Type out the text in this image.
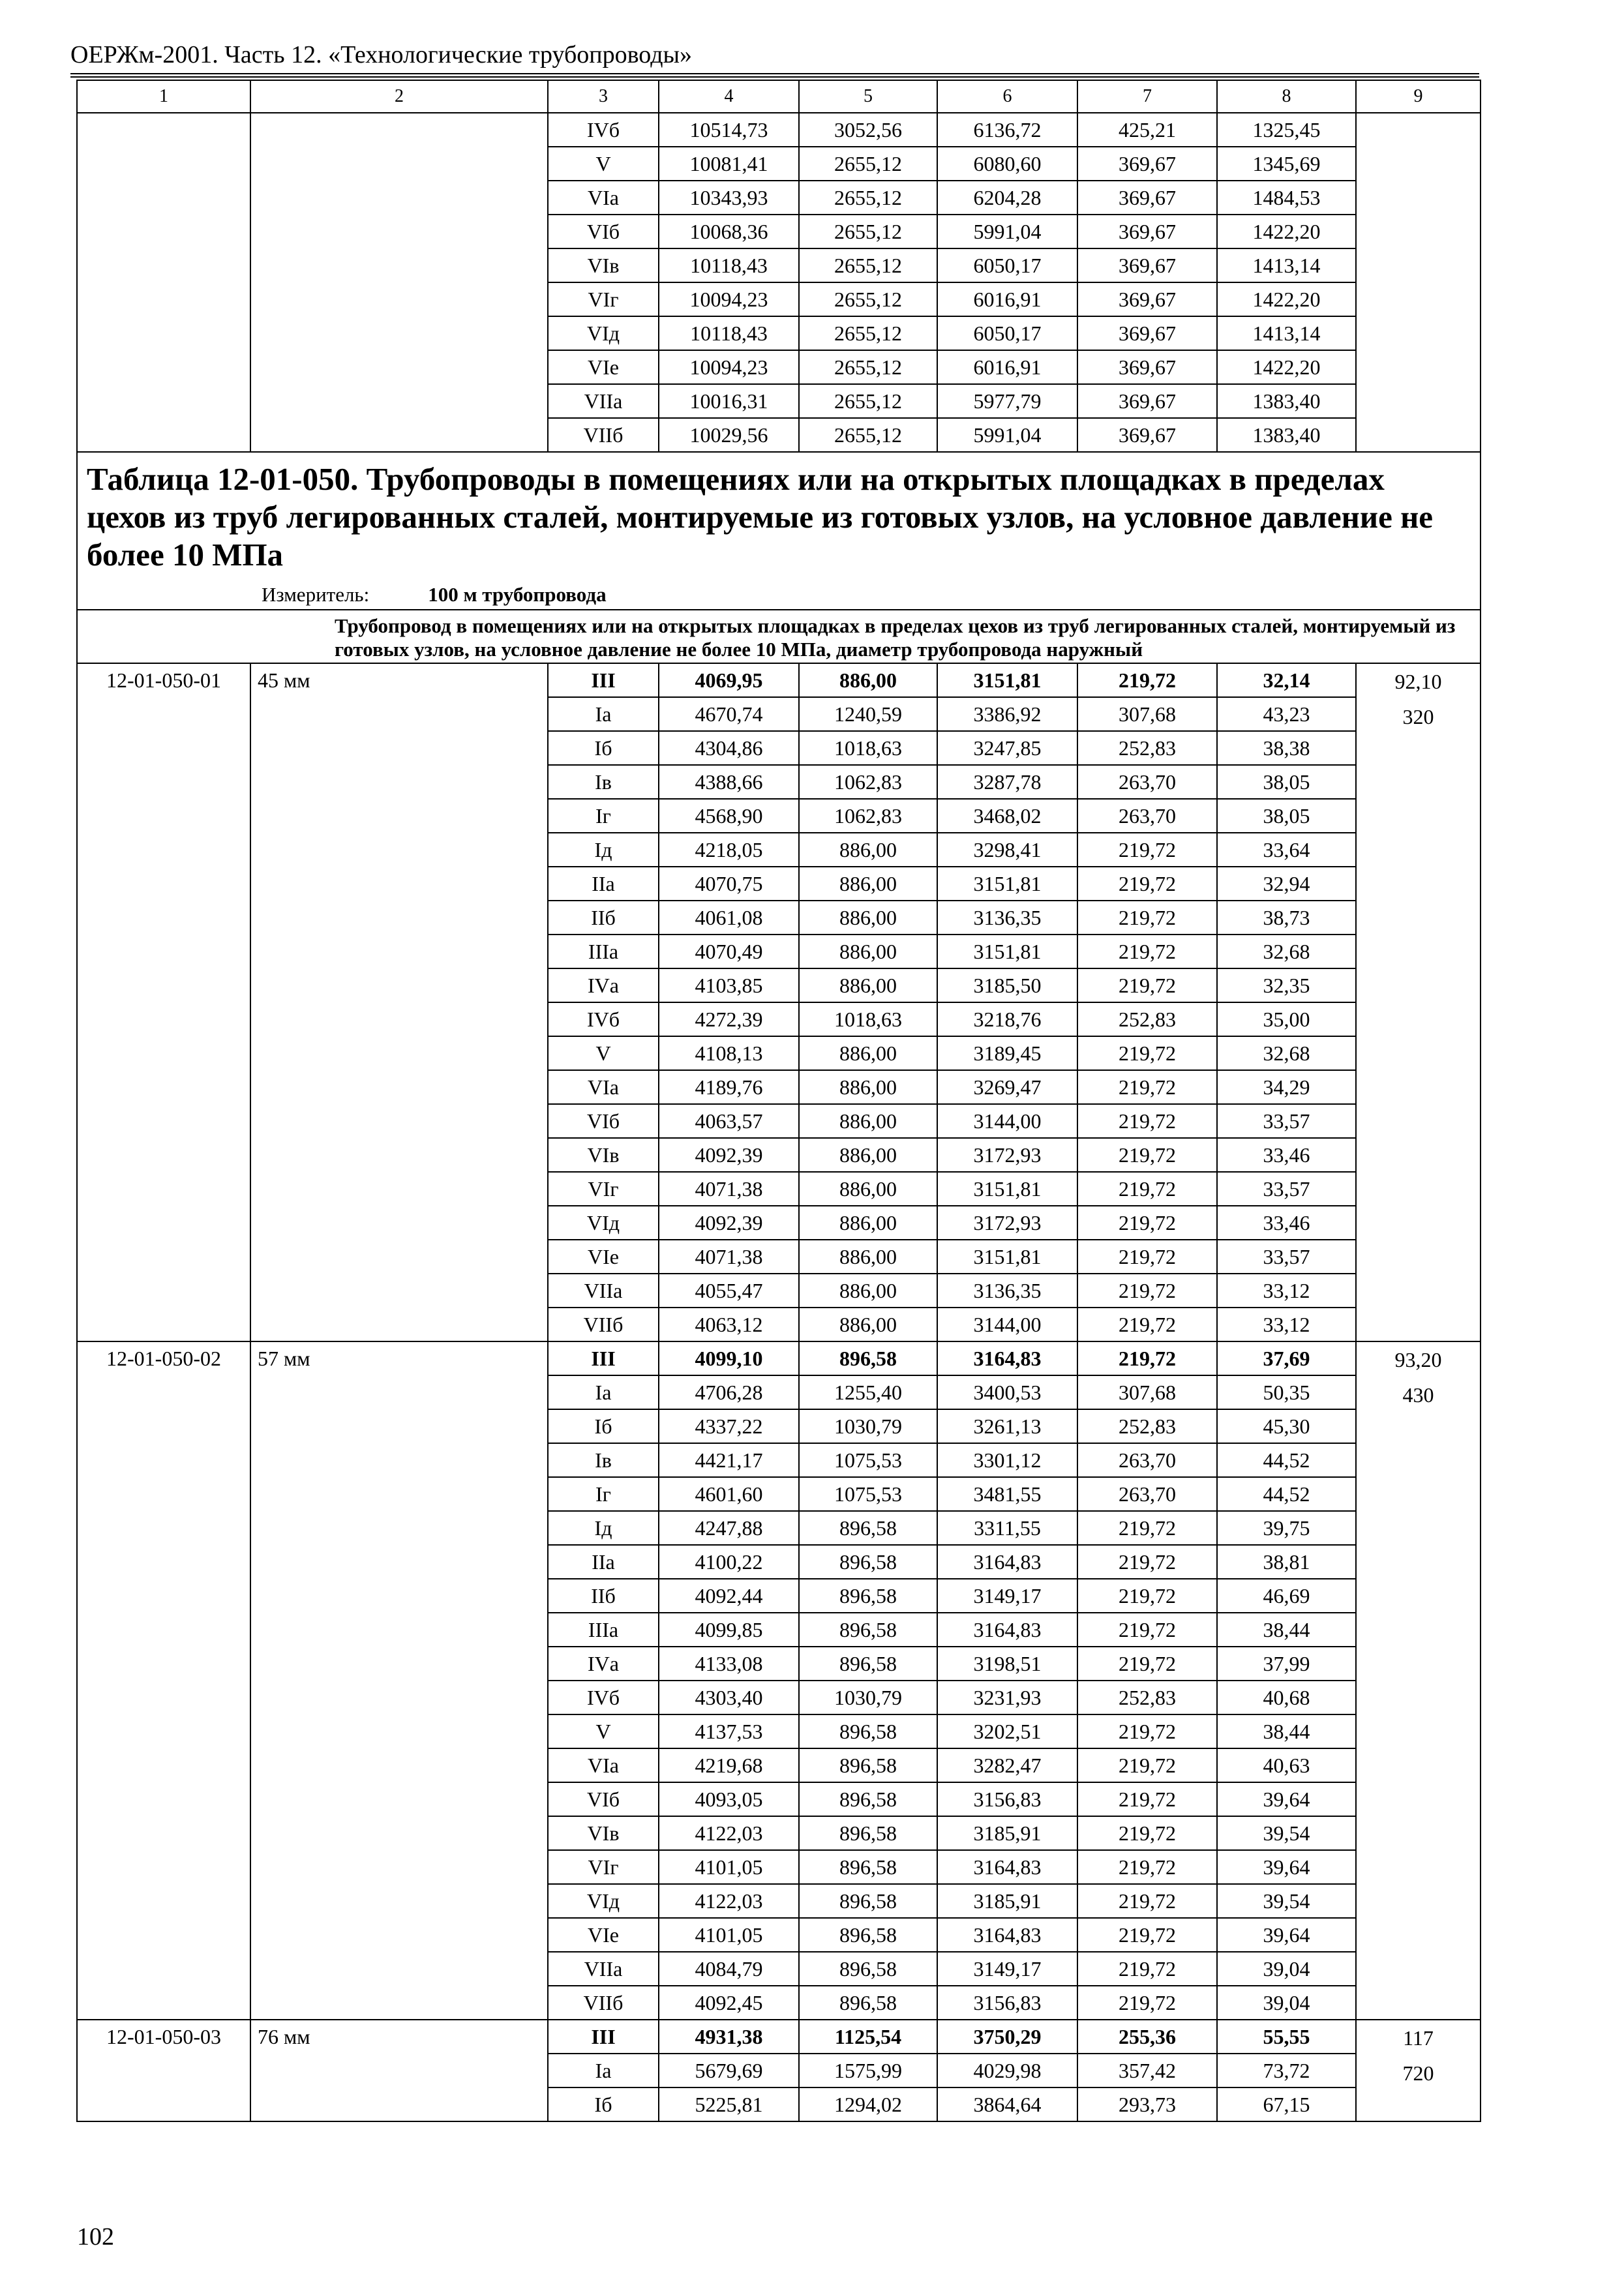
ОЕРЖм-2001. Часть 12. «Технологические трубопроводы»
1	2	3	4	5	6	7	8	9
		IVб	10514,73	3052,56	6136,72	425,21	1325,45	
		V	10081,41	2655,12	6080,60	369,67	1345,69	
		VIа	10343,93	2655,12	6204,28	369,67	1484,53	
		VIб	10068,36	2655,12	5991,04	369,67	1422,20	
		VIв	10118,43	2655,12	6050,17	369,67	1413,14	
		VIг	10094,23	2655,12	6016,91	369,67	1422,20	
		VIд	10118,43	2655,12	6050,17	369,67	1413,14	
		VIе	10094,23	2655,12	6016,91	369,67	1422,20	
		VIIа	10016,31	2655,12	5977,79	369,67	1383,40	
		VIIб	10029,56	2655,12	5991,04	369,67	1383,40	

Таблица 12-01-050. Трубопроводы в помещениях или на открытых площадках в пределах цехов из труб легированных сталей, монтируемые из готовых узлов, на условное давление не более 10 МПа
Измеритель: 100 м трубопровода								

Трубопровод в помещениях или на открытых площадках в пределах цехов из труб легированных сталей, монтируемый из готовых узлов, на условное давление не более 10 МПа, диаметр трубопровода наружный								
12-01-050-01	45 мм	III	4069,95	886,00	3151,81	219,72	32,14	92,10
320

		Iа	4670,74	1240,59	3386,92	307,68	43,23	
		Iб	4304,86	1018,63	3247,85	252,83	38,38	
		Iв	4388,66	1062,83	3287,78	263,70	38,05	
		Iг	4568,90	1062,83	3468,02	263,70	38,05	
		Iд	4218,05	886,00	3298,41	219,72	33,64	
		IIа	4070,75	886,00	3151,81	219,72	32,94	
		IIб	4061,08	886,00	3136,35	219,72	38,73	
		IIIа	4070,49	886,00	3151,81	219,72	32,68	
		IVа	4103,85	886,00	3185,50	219,72	32,35	
		IVб	4272,39	1018,63	3218,76	252,83	35,00	
		V	4108,13	886,00	3189,45	219,72	32,68	
		VIа	4189,76	886,00	3269,47	219,72	34,29	
		VIб	4063,57	886,00	3144,00	219,72	33,57	
		VIв	4092,39	886,00	3172,93	219,72	33,46	
		VIг	4071,38	886,00	3151,81	219,72	33,57	
		VIд	4092,39	886,00	3172,93	219,72	33,46	
		VIе	4071,38	886,00	3151,81	219,72	33,57	
		VIIа	4055,47	886,00	3136,35	219,72	33,12	
		VIIб	4063,12	886,00	3144,00	219,72	33,12	
12-01-050-02	57 мм	III	4099,10	896,58	3164,83	219,72	37,69	93,20
430

		Iа	4706,28	1255,40	3400,53	307,68	50,35	
		Iб	4337,22	1030,79	3261,13	252,83	45,30	
		Iв	4421,17	1075,53	3301,12	263,70	44,52	
		Iг	4601,60	1075,53	3481,55	263,70	44,52	
		Iд	4247,88	896,58	3311,55	219,72	39,75	
		IIа	4100,22	896,58	3164,83	219,72	38,81	
		IIб	4092,44	896,58	3149,17	219,72	46,69	
		IIIа	4099,85	896,58	3164,83	219,72	38,44	
		IVа	4133,08	896,58	3198,51	219,72	37,99	
		IVб	4303,40	1030,79	3231,93	252,83	40,68	
		V	4137,53	896,58	3202,51	219,72	38,44	
		VIа	4219,68	896,58	3282,47	219,72	40,63	
		VIб	4093,05	896,58	3156,83	219,72	39,64	
		VIв	4122,03	896,58	3185,91	219,72	39,54	
		VIг	4101,05	896,58	3164,83	219,72	39,64	
		VIд	4122,03	896,58	3185,91	219,72	39,54	
		VIе	4101,05	896,58	3164,83	219,72	39,64	
		VIIа	4084,79	896,58	3149,17	219,72	39,04	
		VIIб	4092,45	896,58	3156,83	219,72	39,04	
12-01-050-03	76 мм	III	4931,38	1125,54	3750,29	255,36	55,55	117
720

		Iа	5679,69	1575,99	4029,98	357,42	73,72	
		Iб	5225,81	1294,02	3864,64	293,73	67,15	
102
